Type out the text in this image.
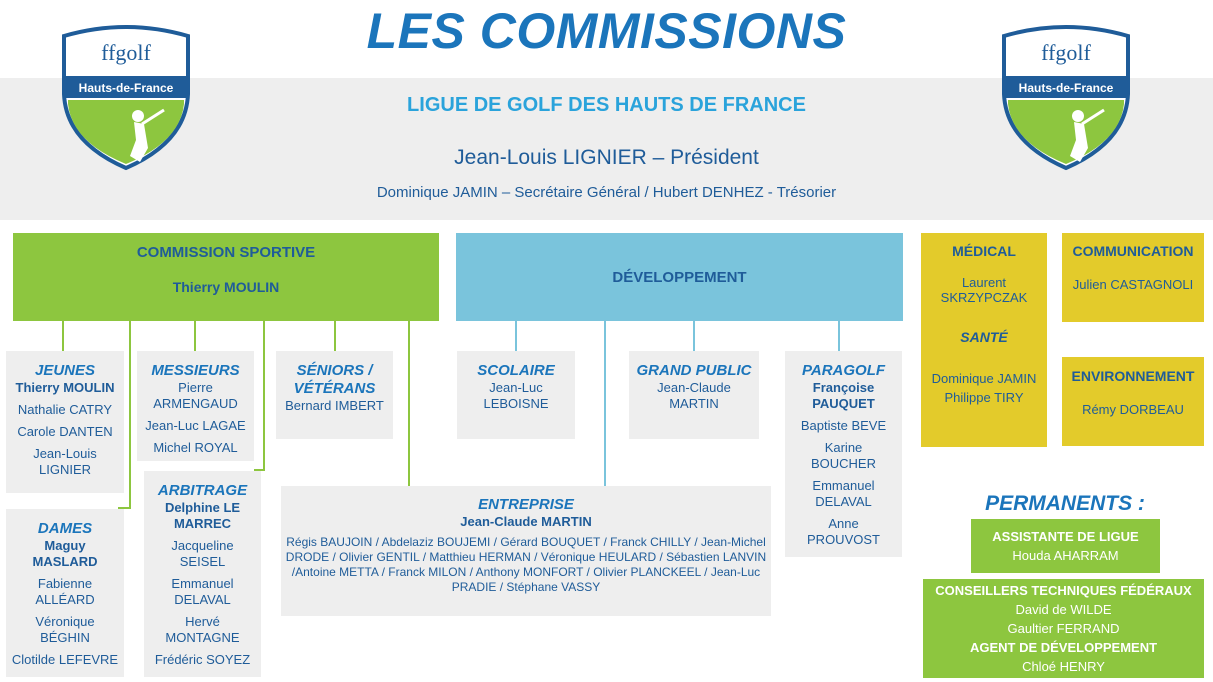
LES COMMISSIONS
LIGUE DE GOLF DES HAUTS DE FRANCE
Jean-Louis LIGNIER – Président
Dominique JAMIN – Secrétaire Général / Hubert DENHEZ - Trésorier
ffgolf
Hauts-de-France
ffgolf
Hauts-de-France
COMMISSION SPORTIVE
Thierry MOULIN
DÉVELOPPEMENT
JEUNES
Thierry MOULIN
Nathalie CATRY
Carole DANTEN
Jean-Louis
LIGNIER
DAMES
Maguy
MASLARD
Fabienne
ALLÉARD
Véronique
BÉGHIN
Clotilde LEFEVRE
MESSIEURS
Pierre
ARMENGAUD
Jean-Luc LAGAE
Michel ROYAL
ARBITRAGE
Delphine LE
MARREC
Jacqueline
SEISEL
Emmanuel
DELAVAL
Hervé
MONTAGNE
Frédéric SOYEZ
SÉNIORS /
VÉTÉRANS
Bernard IMBERT
SCOLAIRE
Jean-Luc
LEBOISNE
GRAND PUBLIC
Jean-Claude
MARTIN
PARAGOLF
Françoise
PAUQUET
Baptiste BEVE
Karine
BOUCHER
Emmanuel
DELAVAL
Anne
PROUVOST
ENTREPRISE
Jean-Claude MARTIN
Régis BAUJOIN / Abdelaziz BOUJEMI / Gérard BOUQUET / Franck CHILLY / Jean-Michel
DRODE / Olivier GENTIL / Matthieu HERMAN / Véronique HEULARD / Sébastien LANVIN
/Antoine METTA / Franck MILON / Anthony MONFORT / Olivier PLANCKEEL / Jean-Luc
PRADIE / Stéphane VASSY
MÉDICAL
Laurent
SKRZYPCZAK
SANTÉ
Dominique JAMIN
Philippe TIRY
COMMUNICATION
Julien CASTAGNOLI
ENVIRONNEMENT
Rémy DORBEAU
PERMANENTS :
ASSISTANTE DE LIGUE
Houda AHARRAM
CONSEILLERS TECHNIQUES FÉDÉRAUX
David de WILDE
Gaultier FERRAND
AGENT DE DÉVELOPPEMENT
Chloé HENRY
